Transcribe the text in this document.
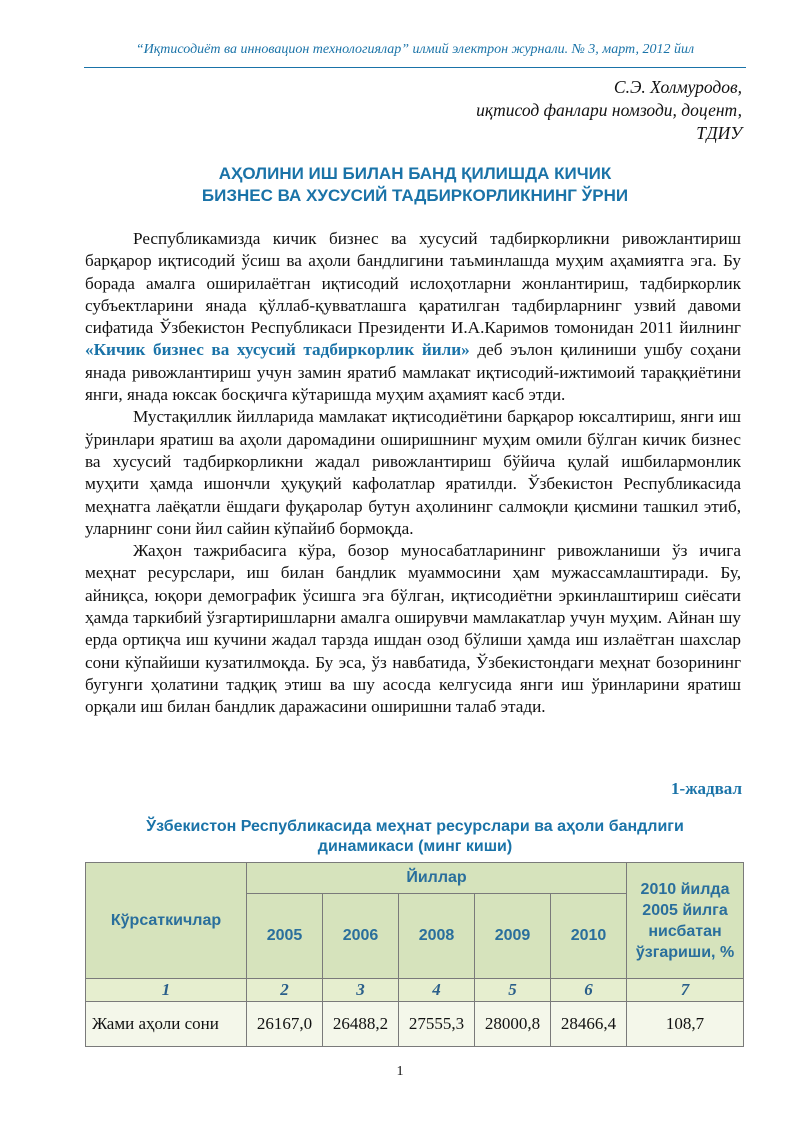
“Иқтисодиёт ва инновацион технологиялар” илмий электрон журнали. № 3, март, 2012 йил
С.Э. Холмуродов,
иқтисод фанлари номзоди, доцент,
ТДИУ
АҲОЛИНИ ИШ БИЛАН БАНД ҚИЛИШДА КИЧИК
БИЗНЕС ВА ХУСУСИЙ ТАДБИРКОРЛИКНИНГ ЎРНИ

Республикамизда кичик бизнес ва хусусий тадбиркорликни ривожлантириш барқарор иқтисодий ўсиш ва аҳоли бандлигини таъминлашда муҳим аҳамиятга эга. Бу борада амалга оширилаётган иқтисодий ислоҳотларни жонлантириш, тадбиркорлик субъектларини янада қўллаб-қувватлашга қаратилган тадбирларнинг узвий давоми сифатида Ўзбекистон Республикаси Президенти И.А.Каримов томонидан 2011 йилнинг «Кичик бизнес ва хусусий тадбиркорлик йили» деб эълон қилиниши ушбу соҳани янада ривожлантириш учун замин яратиб мамлакат иқтисодий-ижтимоий тараққиётини янги, янада юксак босқичга кўтаришда муҳим аҳамият касб этди.

Мустақиллик йилларида мамлакат иқтисодиётини барқарор юксалтириш, янги иш ўринлари яратиш ва аҳоли даромадини оширишнинг муҳим омили бўлган кичик бизнес ва хусусий тадбиркорликни жадал ривожлантириш бўйича қулай ишбилармонлик муҳити ҳамда ишончли ҳуқуқий кафолатлар яратилди. Ўзбекистон Республикасида меҳнатга лаёқатли ёшдаги фуқаролар бутун аҳолининг салмоқли қисмини ташкил этиб, уларнинг сони йил сайин кўпайиб бормоқда.

Жаҳон тажрибасига кўра, бозор муносабатларининг ривожланиши ўз ичига меҳнат ресурслари, иш билан бандлик муаммосини ҳам мужассамлаштиради. Бу, айниқса, юқори демографик ўсишга эга бўлган, иқтисодиётни эркинлаштириш сиёсати ҳамда таркибий ўзгартиришларни амалга оширувчи мамлакатлар учун муҳим. Айнан шу ерда ортиқча иш кучини жадал тарзда ишдан озод бўлиши ҳамда иш излаётган шахслар сони кўпайиши кузатилмоқда. Бу эса, ўз навбатида, Ўзбекистондаги меҳнат бозорининг бугунги ҳолатини тадқиқ этиш ва шу асосда келгусида янги иш ўринларини яратиш орқали иш билан бандлик даражасини оширишни талаб этади.

1-жадвал
Ўзбекистон Республикасида меҳнат ресурслари ва аҳоли бандлиги
динамикаси (минг киши)
Кўрсаткичлар	Йиллар					2010 йилда 2005 йилга нисбатан ўзгариши, %
	2005	2006	2008	2009	2010	
1	2	3	4	5	6	7
Жами аҳоли сони	26167,0	26488,2	27555,3	28000,8	28466,4	108,7
1
